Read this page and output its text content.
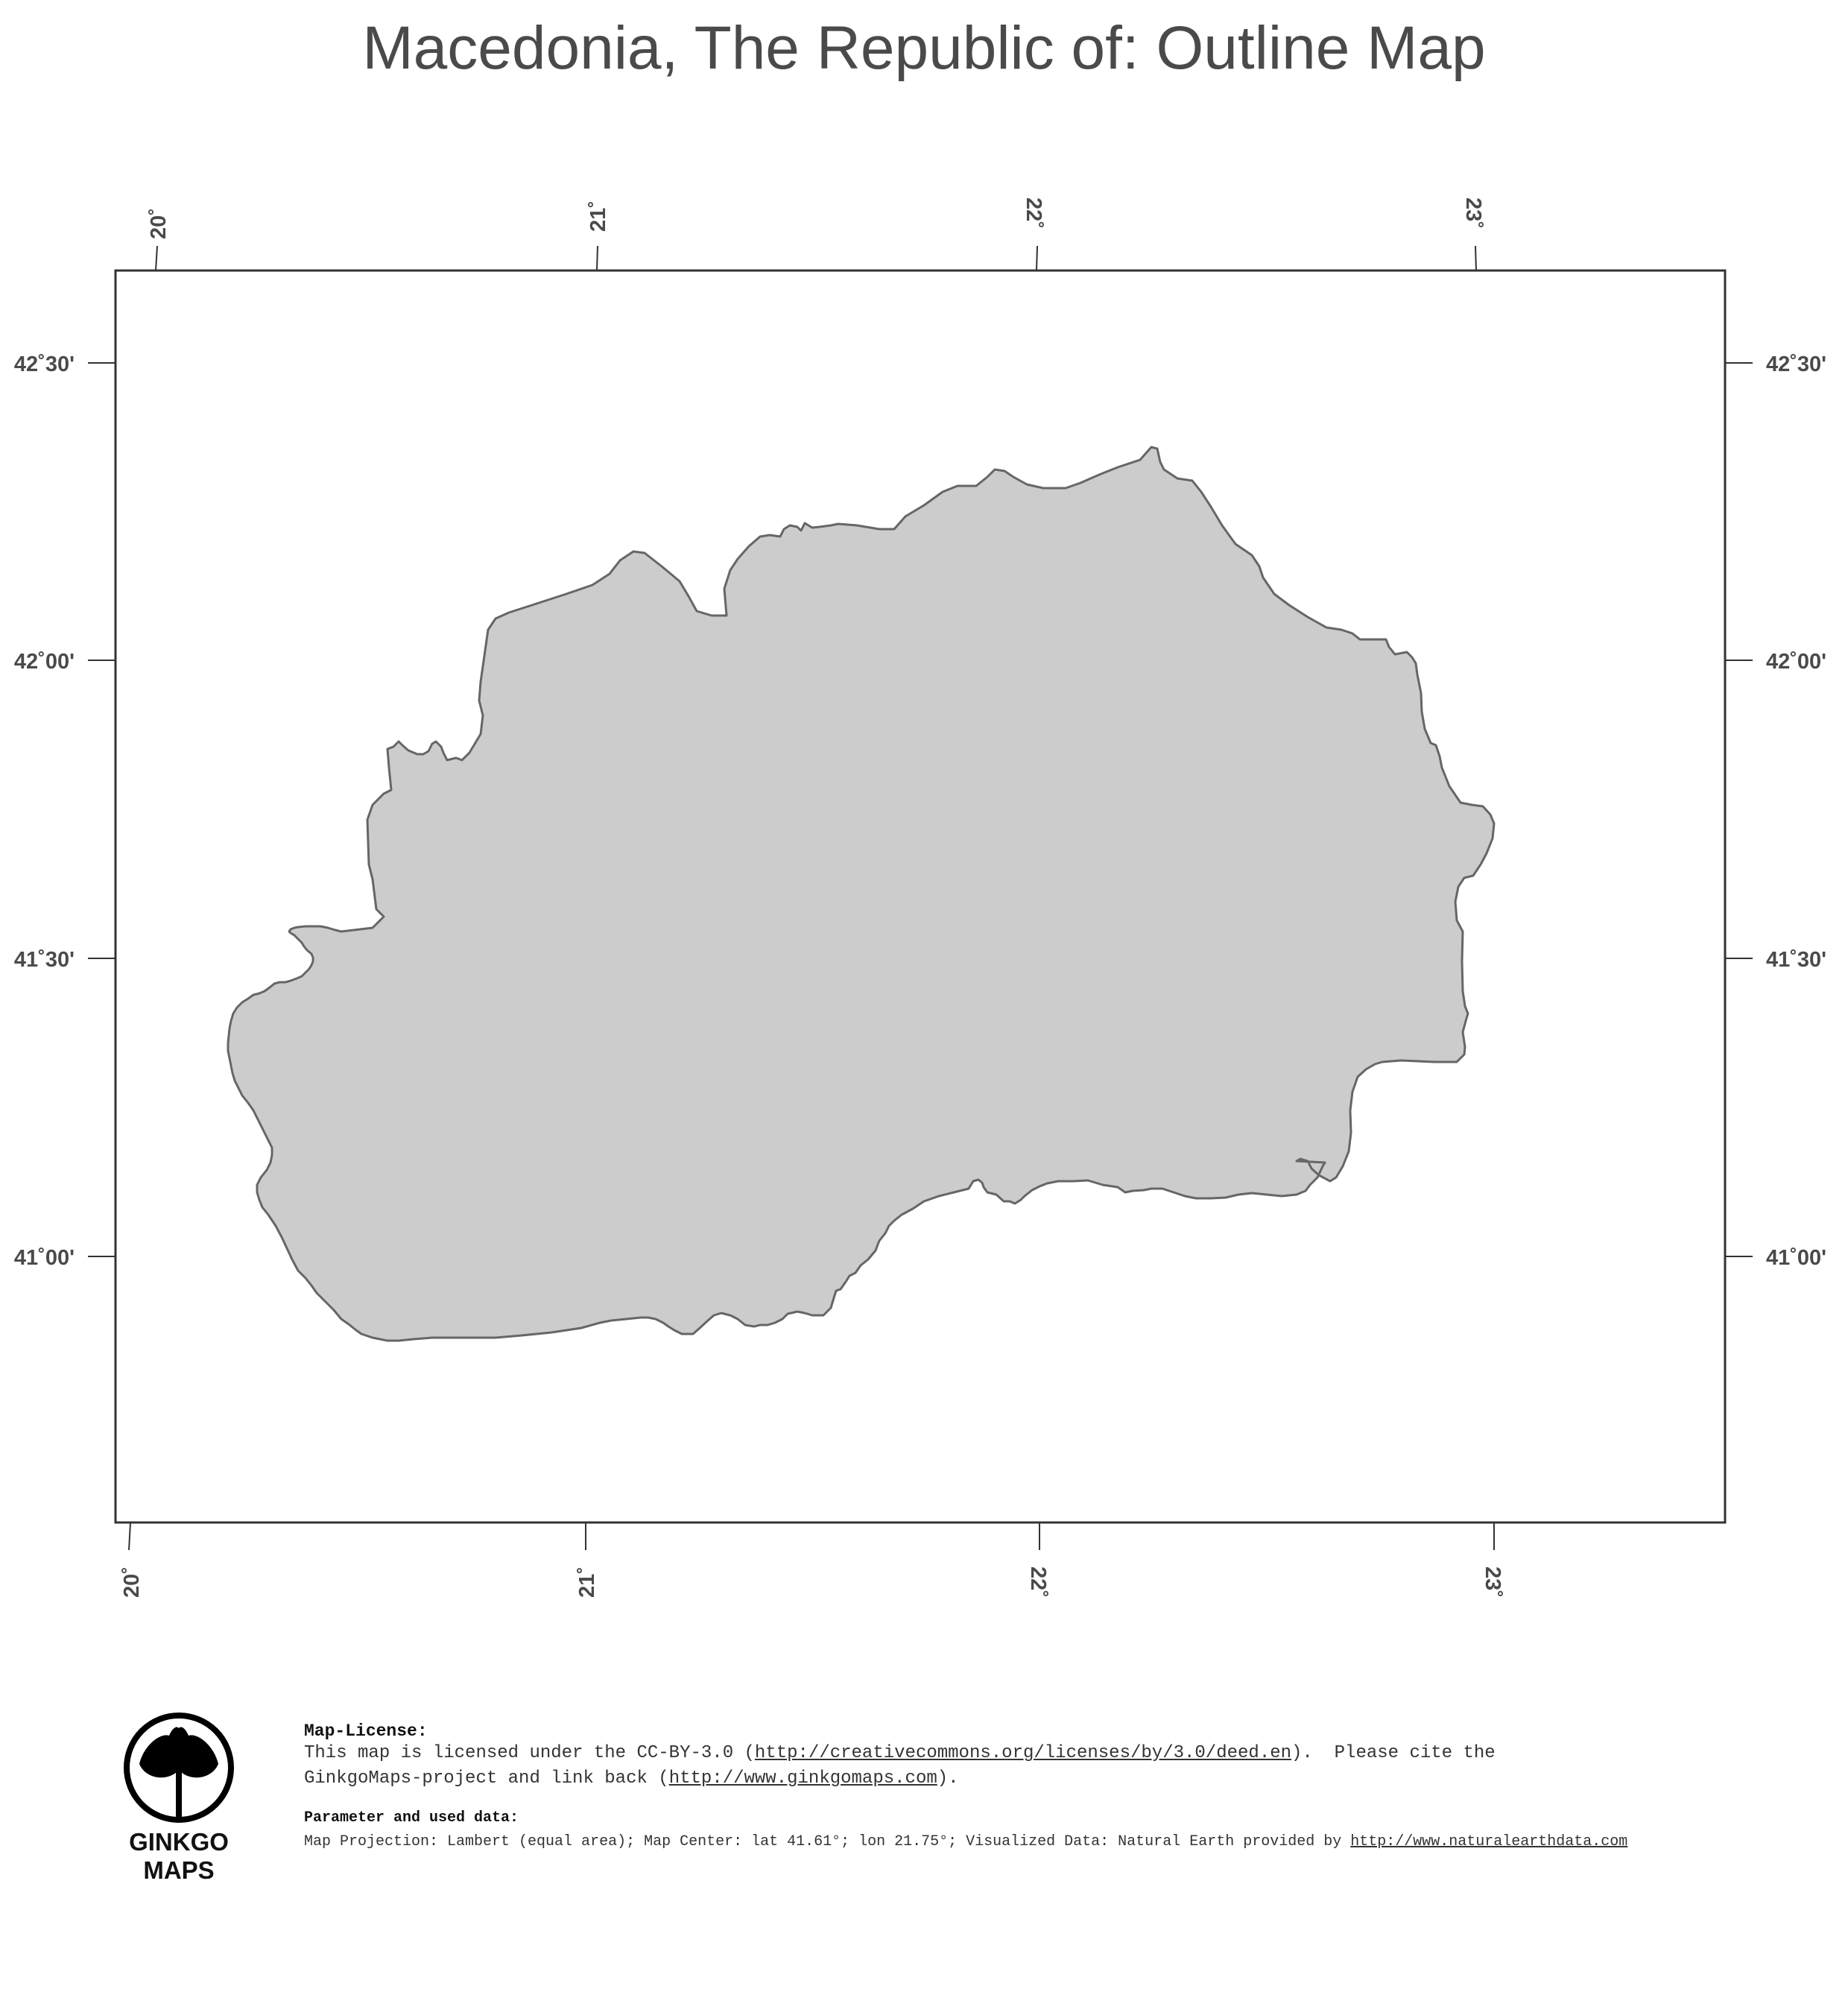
Macedonia, The Republic of: Outline Map
20˚	21˚	22˚	23˚
20˚	21˚	22˚	23˚
42˚30'
42˚00'
41˚30'
41˚00'
42˚30'
42˚00'
41˚30'
41˚00'
GINKGO
MAPS
Map-License:
This map is licensed under the CC-BY-3.0 (http://creativecommons.org/licenses/by/3.0/deed.en).  Please cite the
GinkgoMaps-project and link back (http://www.ginkgomaps.com).
Parameter and used data:
Map Projection: Lambert (equal area); Map Center: lat 41.61°; lon 21.75°; Visualized Data: Natural Earth provided by http://www.naturalearthdata.com
